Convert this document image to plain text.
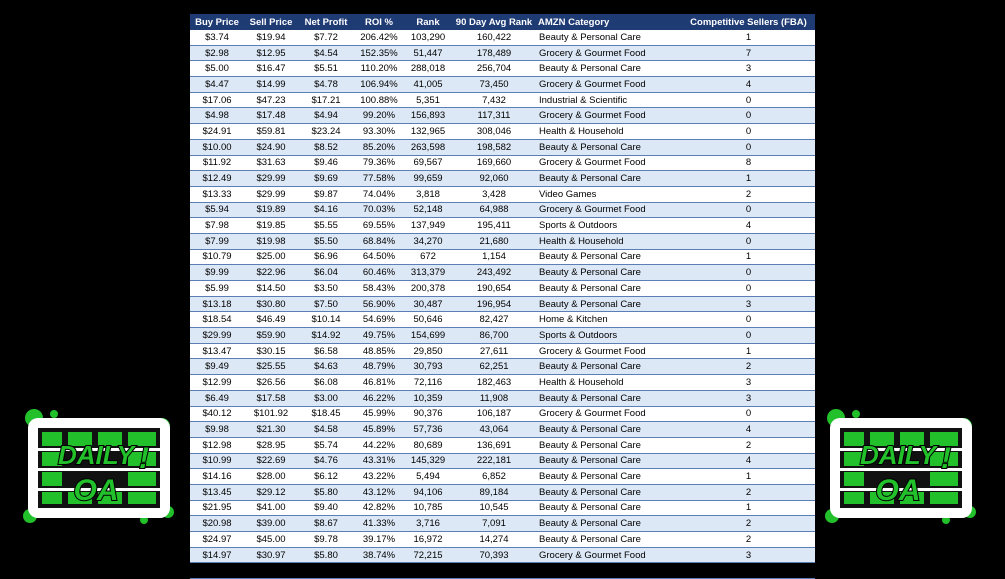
Buy Price	Sell Price	Net Profit	ROI %	Rank	90 Day Avg Rank	AMZN Category	Competitive Sellers (FBA)
$3.74	$19.94	$7.72	206.42%	103,290	160,422	Beauty & Personal Care	1
$2.98	$12.95	$4.54	152.35%	51,447	178,489	Grocery & Gourmet Food	7
$5.00	$16.47	$5.51	110.20%	288,018	256,704	Beauty & Personal Care	3
$4.47	$14.99	$4.78	106.94%	41,005	73,450	Grocery & Gourmet Food	4
$17.06	$47.23	$17.21	100.88%	5,351	7,432	Industrial & Scientific	0
$4.98	$17.48	$4.94	99.20%	156,893	117,311	Grocery & Gourmet Food	0
$24.91	$59.81	$23.24	93.30%	132,965	308,046	Health & Household	0
$10.00	$24.90	$8.52	85.20%	263,598	198,582	Beauty & Personal Care	0
$11.92	$31.63	$9.46	79.36%	69,567	169,660	Grocery & Gourmet Food	8
$12.49	$29.99	$9.69	77.58%	99,659	92,060	Beauty & Personal Care	1
$13.33	$29.99	$9.87	74.04%	3,818	3,428	Video Games	2
$5.94	$19.89	$4.16	70.03%	52,148	64,988	Grocery & Gourmet Food	0
$7.98	$19.85	$5.55	69.55%	137,949	195,411	Sports & Outdoors	4
$7.99	$19.98	$5.50	68.84%	34,270	21,680	Health & Household	0
$10.79	$25.00	$6.96	64.50%	672	1,154	Beauty & Personal Care	1
$9.99	$22.96	$6.04	60.46%	313,379	243,492	Beauty & Personal Care	0
$5.99	$14.50	$3.50	58.43%	200,378	190,654	Beauty & Personal Care	0
$13.18	$30.80	$7.50	56.90%	30,487	196,954	Beauty & Personal Care	3
$18.54	$46.49	$10.14	54.69%	50,646	82,427	Home & Kitchen	0
$29.99	$59.90	$14.92	49.75%	154,699	86,700	Sports & Outdoors	0
$13.47	$30.15	$6.58	48.85%	29,850	27,611	Grocery & Gourmet Food	1
$9.49	$25.55	$4.63	48.79%	30,793	62,251	Beauty & Personal Care	2
$12.99	$26.56	$6.08	46.81%	72,116	182,463	Health & Household	3
$6.49	$17.58	$3.00	46.22%	10,359	11,908	Beauty & Personal Care	3
$40.12	$101.92	$18.45	45.99%	90,376	106,187	Grocery & Gourmet Food	0
$9.98	$21.30	$4.58	45.89%	57,736	43,064	Beauty & Personal Care	4
$12.98	$28.95	$5.74	44.22%	80,689	136,691	Beauty & Personal Care	2
$10.99	$22.69	$4.76	43.31%	145,329	222,181	Beauty & Personal Care	4
$14.16	$28.00	$6.12	43.22%	5,494	6,852	Beauty & Personal Care	1
$13.45	$29.12	$5.80	43.12%	94,106	89,184	Beauty & Personal Care	2
$21.95	$41.00	$9.40	42.82%	10,785	10,545	Beauty & Personal Care	1
$20.98	$39.00	$8.67	41.33%	3,716	7,091	Beauty & Personal Care	2
$24.97	$45.00	$9.78	39.17%	16,972	14,274	Beauty & Personal Care	2
$14.97	$30.97	$5.80	38.74%	72,215	70,393	Grocery & Gourmet Food	3
$14.67	$30.23	$5.55	37.83%	31,529	111,935	Beauty & Personal Care	0
DAILY !
OA
DAILY !
OA
